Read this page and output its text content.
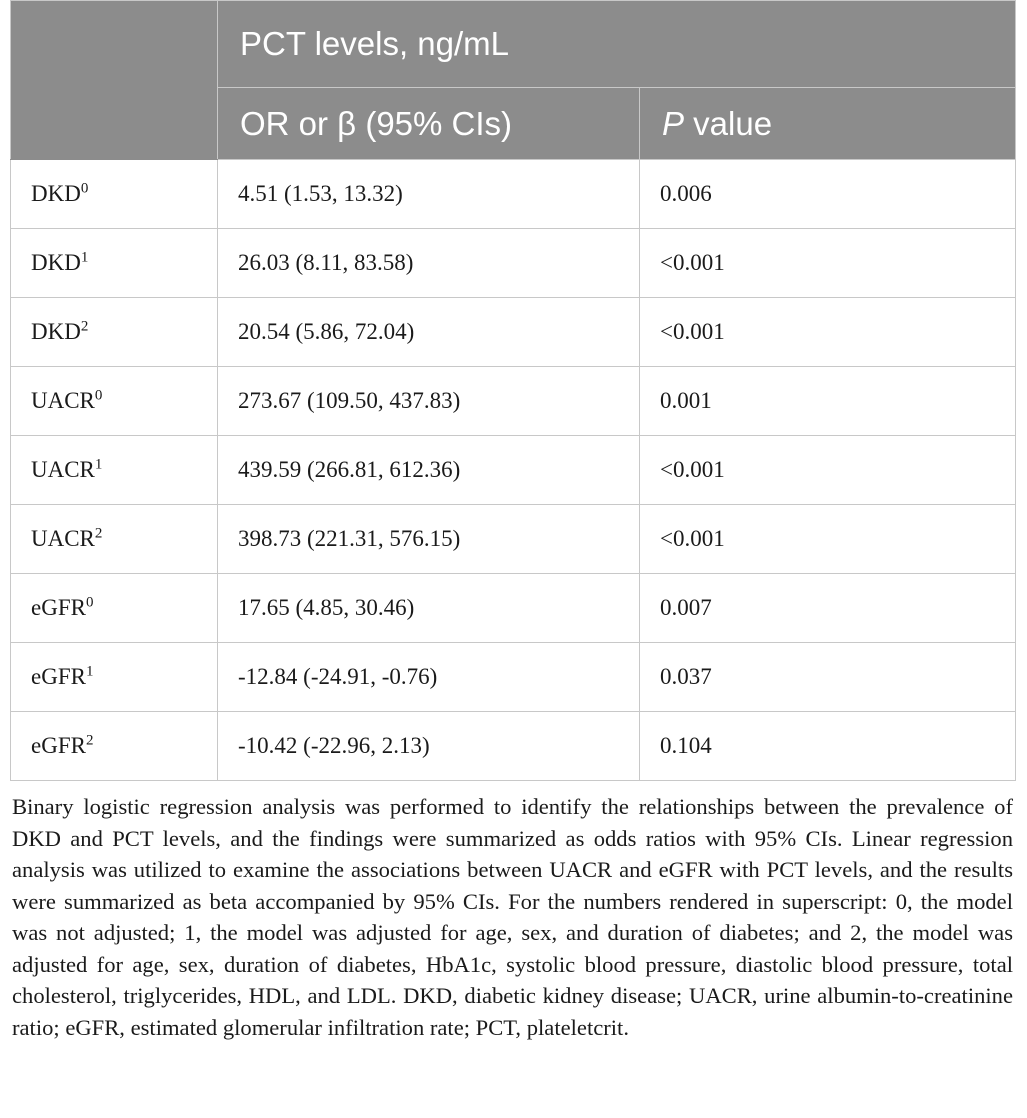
	PCT levels, ng/mL	
	OR or β (95% CIs)	P value
DKD$^0$	4.51 (1.53, 13.32)	0.006
DKD$^1$	26.03 (8.11, 83.58)	<0.001
DKD$^2$	20.54 (5.86, 72.04)	<0.001
UACR$^0$	273.67 (109.50, 437.83)	0.001
UACR$^1$	439.59 (266.81, 612.36)	<0.001
UACR$^2$	398.73 (221.31, 576.15)	<0.001
eGFR$^0$	17.65 (4.85, 30.46)	0.007
eGFR$^1$	-12.84 (-24.91, -0.76)	0.037
eGFR$^2$	-10.42 (-22.96, 2.13)	0.104

Binary logistic regression analysis was performed to identify the relationships between the prevalence of DKD and PCT levels, and the findings were summarized as odds ratios with 95% CIs. Linear regression analysis was utilized to examine the associations between UACR and eGFR with PCT levels, and the results were summarized as beta accompanied by 95% CIs. For the numbers rendered in superscript: 0, the model was not adjusted; 1, the model was adjusted for age, sex, and duration of diabetes; and 2, the model was adjusted for age, sex, duration of diabetes, HbA1c, systolic blood pressure, diastolic blood pressure, total cholesterol, triglycerides, HDL, and LDL. DKD, diabetic kidney disease; UACR, urine albumin-to-creatinine ratio; eGFR, estimated glomerular infiltration rate; PCT, plateletcrit.
